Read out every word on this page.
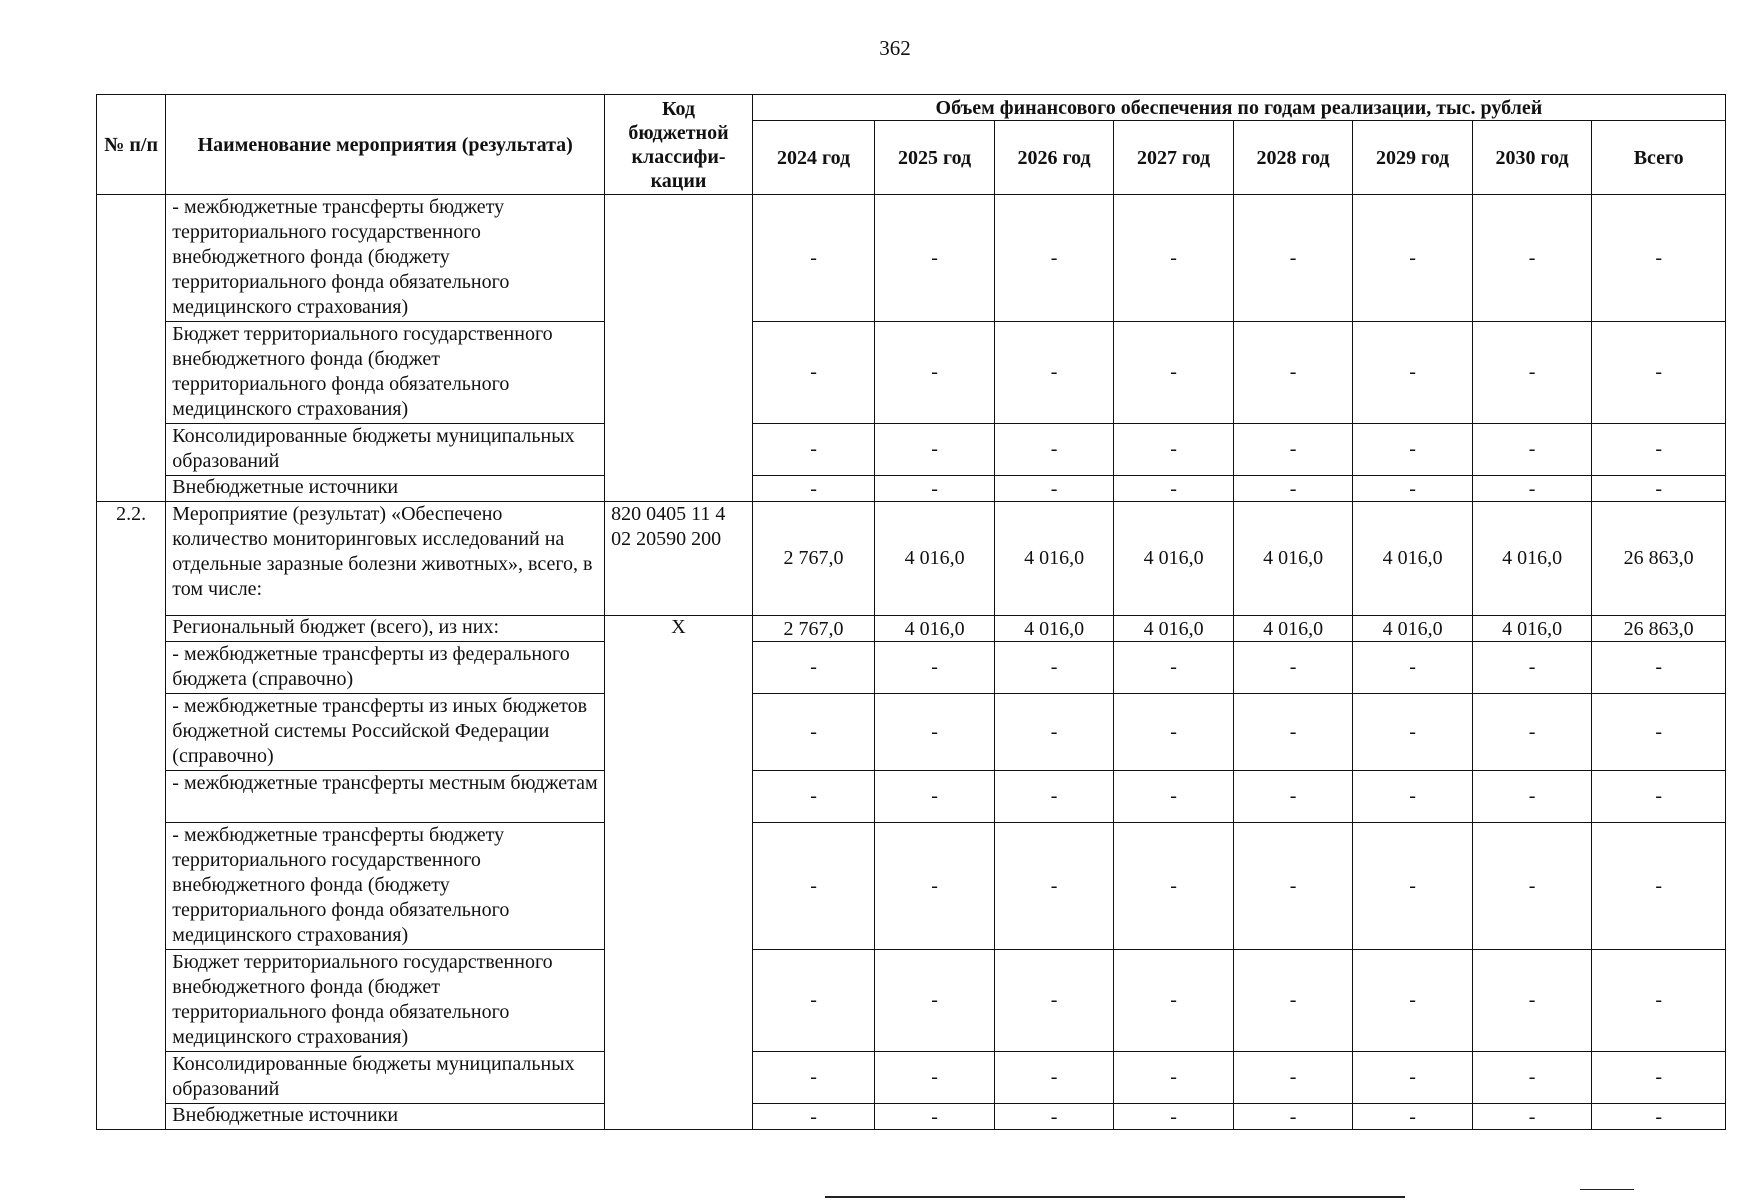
362
№ п/п	Наименование мероприятия (результата)	Код бюджетной классифи-кации	Объем финансового обеспечения по годам реализации, тыс. рублей							
			2024 год	2025 год	2026 год	2027 год	2028 год	2029 год	2030 год	Всего
	- межбюджетные трансферты бюджету территориального государственного внебюджетного фонда (бюджету территориального фонда обязательного медицинского страхования)		-	-	-	-	-	-	-	-
	Бюджет территориального государственного внебюджетного фонда (бюджет территориального фонда обязательного медицинского страхования)		-	-	-	-	-	-	-	-
	Консолидированные бюджеты муниципальных образований		-	-	-	-	-	-	-	-
	Внебюджетные источники		-	-	-	-	-	-	-	-
2.2.	Мероприятие (результат) «Обеспечено количество мониторинговых исследований на отдельные заразные болезни животных», всего, в том числе:	820 0405 11 4 02 20590 200	2 767,0	4 016,0	4 016,0	4 016,0	4 016,0	4 016,0	4 016,0	26 863,0
	Региональный бюджет (всего), из них:	X	2 767,0	4 016,0	4 016,0	4 016,0	4 016,0	4 016,0	4 016,0	26 863,0
	- межбюджетные трансферты из федерального бюджета (справочно)		-	-	-	-	-	-	-	-
	- межбюджетные трансферты из иных бюджетов бюджетной системы Российской Федерации (справочно)		-	-	-	-	-	-	-	-
	- межбюджетные трансферты местным бюджетам		-	-	-	-	-	-	-	-
	- межбюджетные трансферты бюджету территориального государственного внебюджетного фонда (бюджету территориального фонда обязательного медицинского страхования)		-	-	-	-	-	-	-	-
	Бюджет территориального государственного внебюджетного фонда (бюджет территориального фонда обязательного медицинского страхования)		-	-	-	-	-	-	-	-
	Консолидированные бюджеты муниципальных образований		-	-	-	-	-	-	-	-
	Внебюджетные источники		-	-	-	-	-	-	-	-
